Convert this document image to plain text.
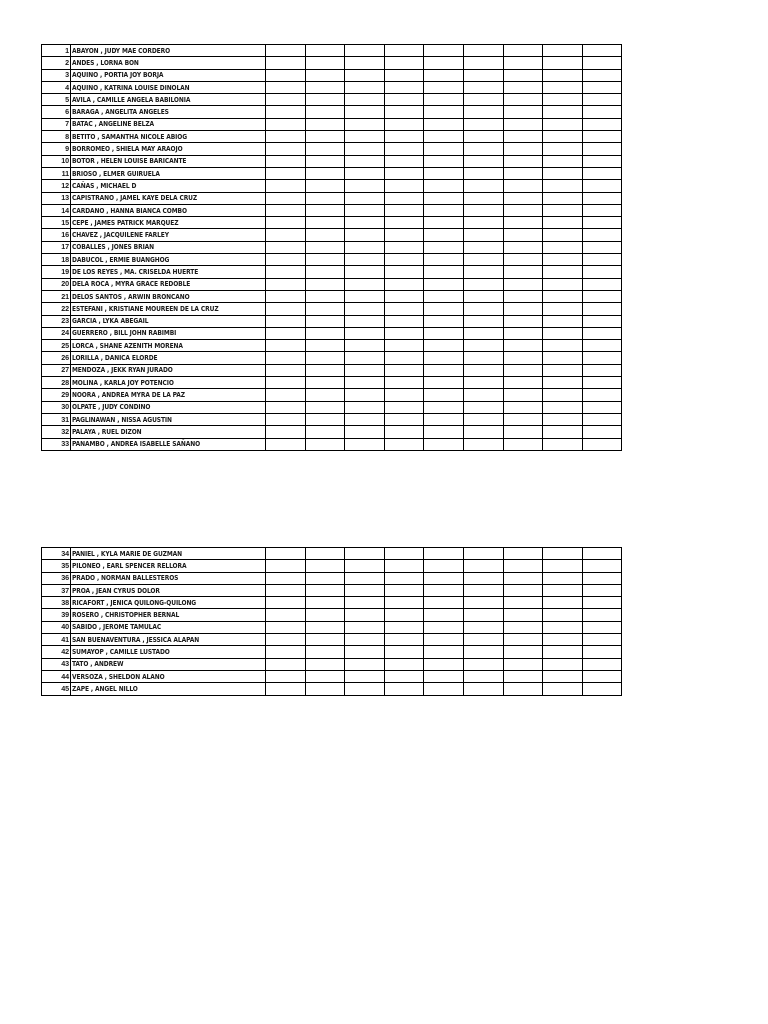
1	ABAYON , JUDY MAE CORDERO									
2	ANDES , LORNA BON									
3	AQUINO , PORTIA JOY BORJA									
4	AQUINO , KATRINA LOUISE DINOLAN									
5	AVILA , CAMILLE ANGELA BABILONIA									
6	BARAGA , ANGELITA ANGELES									
7	BATAC , ANGELINE BELZA									
8	BETITO , SAMANTHA NICOLE ABIOG									
9	BORROMEO , SHIELA MAY ARAOJO									
10	BOTOR , HELEN LOUISE BARICANTE									
11	BRIOSO , ELMER GUIRUELA									
12	CAÑAS , MICHAEL D									
13	CAPISTRANO , JAMEL KAYE DELA CRUZ									
14	CARDANO , HANNA BIANCA COMBO									
15	CEPE , JAMES PATRICK MARQUEZ									
16	CHAVEZ , JACQUILENE FARLEY									
17	COBALLES , JONES BRIAN									
18	DABUCOL , ERMIE BUANGHOG									
19	DE LOS REYES , MA. CRISELDA HUERTE									
20	DELA ROCA , MYRA GRACE REDOBLE									
21	DELOS SANTOS , ARWIN BRONCANO									
22	ESTEFANI , KRISTIANE MOUREEN DE LA CRUZ									
23	GARCIA , LYKA ABEGAIL									
24	GUERRERO , BILL JOHN RABIMBI									
25	LORCA , SHANE AZENITH MORENA									
26	LORILLA , DANICA ELORDE									
27	MENDOZA , JEKK RYAN JURADO									
28	MOLINA , KARLA JOY POTENCIO									
29	NOORA , ANDREA MYRA DE LA PAZ									
30	OLPATE , JUDY CONDINO									
31	PAGLINAWAN , NISSA AGUSTIN									
32	PALAYA , RUEL DIZON									
33	PANAMBO , ANDREA ISABELLE SAÑANO									
34	PANIEL , KYLA MARIE DE GUZMAN									
35	PILONEO , EARL SPENCER RELLORA									
36	PRADO , NORMAN BALLESTEROS									
37	PROA , JEAN CYRUS DOLOR									
38	RICAFORT , JENICA QUILONG-QUILONG									
39	ROSERO , CHRISTOPHER BERNAL									
40	SABIDO , JEROME TAMULAC									
41	SAN BUENAVENTURA , JESSICA ALAPAN									
42	SUMAYOP , CAMILLE LUSTADO									
43	TATO , ANDREW									
44	VERSOZA , SHELDON ALANO									
45	ZAPE , ANGEL NILLO									
